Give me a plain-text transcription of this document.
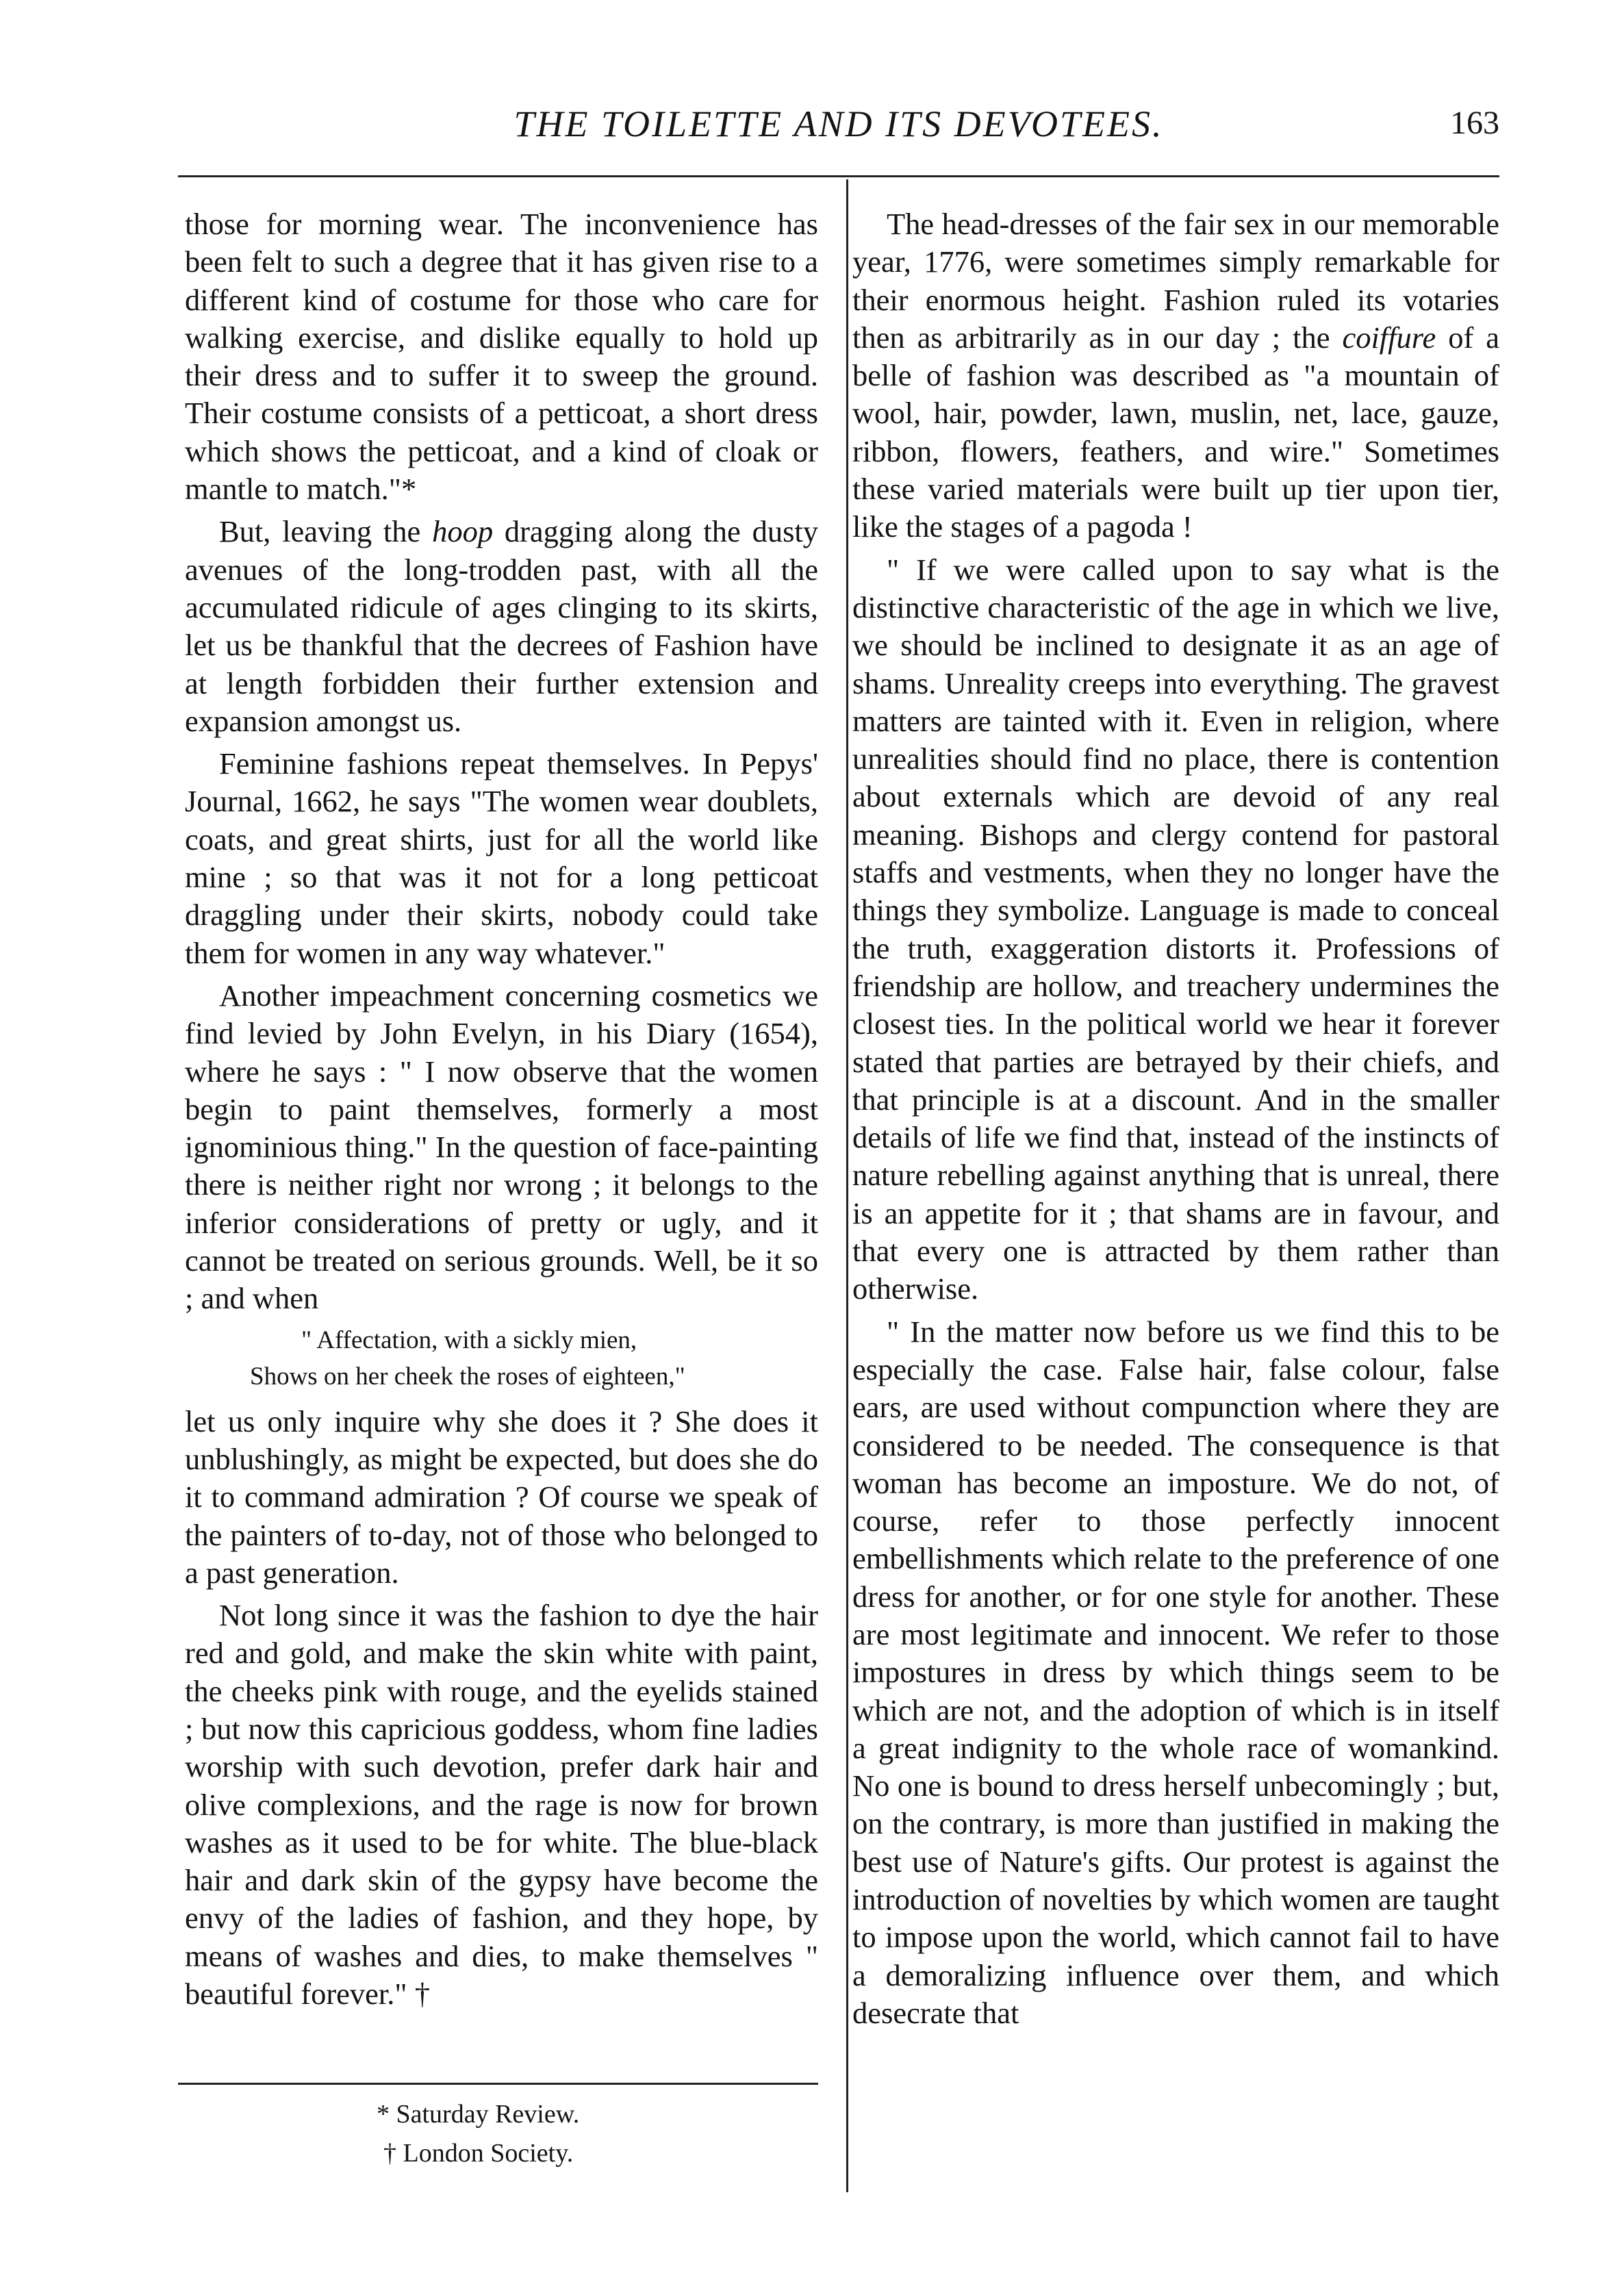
THE TOILETTE AND ITS DEVOTEES.	163

those for morning wear. The inconvenience has been felt to such a degree that it has given rise to a different kind of costume for those who care for walking exercise, and dislike equally to hold up their dress and to suffer it to sweep the ground. Their costume consists of a petticoat, a short dress which shows the petticoat, and a kind of cloak or mantle to match."*

But, leaving the hoop dragging along the dusty avenues of the long-trodden past, with all the accumulated ridicule of ages clinging to its skirts, let us be thankful that the decrees of Fashion have at length forbidden their further extension and expansion amongst us.

Feminine fashions repeat themselves. In Pepys' Journal, 1662, he says "The women wear doublets, coats, and great shirts, just for all the world like mine ; so that was it not for a long petticoat draggling under their skirts, nobody could take them for women in any way whatever."

Another impeachment concerning cosmetics we find levied by John Evelyn, in his Diary (1654), where he says : " I now observe that the women begin to paint themselves, formerly a most ignominious thing." In the question of face-painting there is neither right nor wrong ; it belongs to the inferior considerations of pretty or ugly, and it cannot be treated on serious grounds. Well, be it so ; and when

" Affectation, with a sickly mien,
Shows on her cheek the roses of eighteen,"

let us only inquire why she does it ? She does it unblushingly, as might be expected, but does she do it to command admiration ? Of course we speak of the painters of to-day, not of those who belonged to a past generation.

Not long since it was the fashion to dye the hair red and gold, and make the skin white with paint, the cheeks pink with rouge, and the eyelids stained ; but now this capricious goddess, whom fine ladies worship with such devotion, prefer dark hair and olive complexions, and the rage is now for brown washes as it used to be for white. The blue-black hair and dark skin of the gypsy have become the envy of the ladies of fashion, and they hope, by means of washes and dies, to make themselves " beautiful forever." †

* Saturday Review.
† London Society.

The head-dresses of the fair sex in our memorable year, 1776, were sometimes simply remarkable for their enormous height. Fashion ruled its votaries then as arbitrarily as in our day ; the coiffure of a belle of fashion was described as "a mountain of wool, hair, powder, lawn, muslin, net, lace, gauze, ribbon, flowers, feathers, and wire." Sometimes these varied materials were built up tier upon tier, like the stages of a pagoda !

" If we were called upon to say what is the distinctive characteristic of the age in which we live, we should be inclined to designate it as an age of shams. Unreality creeps into everything. The gravest matters are tainted with it. Even in religion, where unrealities should find no place, there is contention about externals which are devoid of any real meaning. Bishops and clergy contend for pastoral staffs and vestments, when they no longer have the things they symbolize. Language is made to conceal the truth, exaggeration distorts it. Professions of friendship are hollow, and treachery undermines the closest ties. In the political world we hear it forever stated that parties are betrayed by their chiefs, and that principle is at a discount. And in the smaller details of life we find that, instead of the instincts of nature rebelling against anything that is unreal, there is an appetite for it ; that shams are in favour, and that every one is attracted by them rather than otherwise.

" In the matter now before us we find this to be especially the case. False hair, false colour, false ears, are used without compunction where they are considered to be needed. The consequence is that woman has become an imposture. We do not, of course, refer to those perfectly innocent embellishments which relate to the preference of one dress for another, or for one style for another. These are most legitimate and innocent. We refer to those impostures in dress by which things seem to be which are not, and the adoption of which is in itself a great indignity to the whole race of womankind. No one is bound to dress herself unbecomingly ; but, on the contrary, is more than justified in making the best use of Nature's gifts. Our protest is against the introduction of novelties by which women are taught to impose upon the world, which cannot fail to have a demoralizing influence over them, and which desecrate that
